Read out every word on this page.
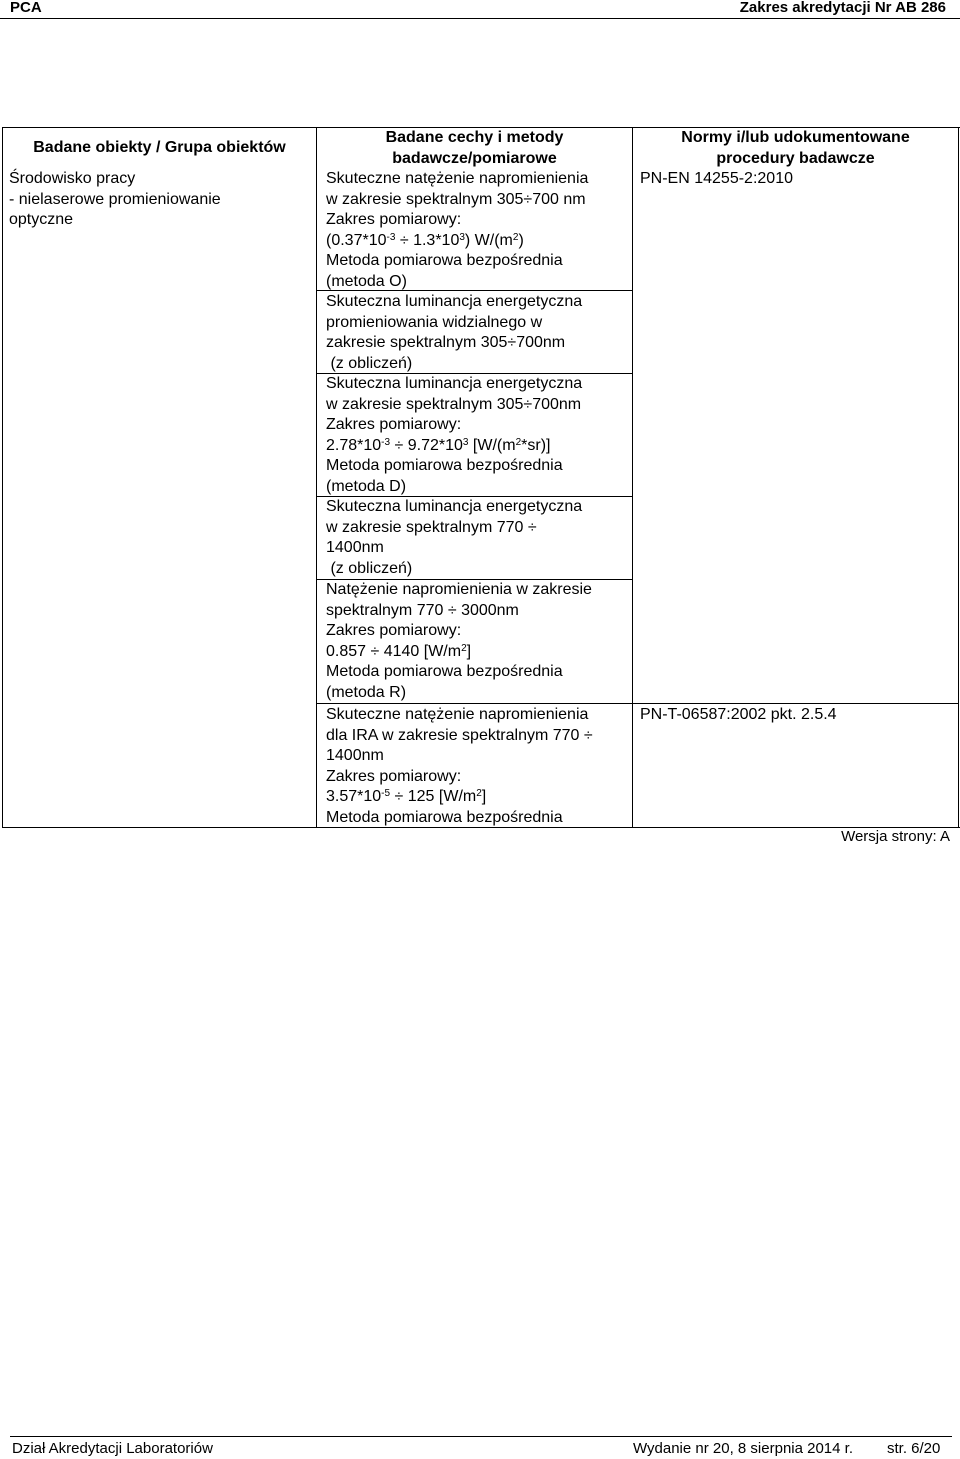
PCA	Zakres akredytacji Nr AB 286
Badane obiekty / Grupa obiektów
Badane cechy i metody
badawcze/pomiarowe
Normy i/lub udokumentowane
procedury badawcze
Środowisko pracy
- nielaserowe promieniowanie
optyczne
Skuteczne natężenie napromienienia
w zakresie spektralnym 305÷700 nm
Zakres pomiarowy:
$(0.37*10^{-3} \div 1.3*10^3)$ $W/(m^2)$
Metoda pomiarowa bezpośrednia
(metoda O)
Skuteczna luminancja energetyczna
promieniowania widzialnego w
zakresie spektralnym 305÷700nm
(z obliczeń)
Skuteczna luminancja energetyczna
w zakresie spektralnym 305÷700nm
Zakres pomiarowy:
$2.78*10^{-3} \div 9.72*10^3$ $[W/(m^2*sr)]$
Metoda pomiarowa bezpośrednia
(metoda D)
Skuteczna luminancja energetyczna
w zakresie spektralnym 770 ÷
1400nm
(z obliczeń)
Natężenie napromienienia w zakresie
spektralnym 770 ÷ 3000nm
Zakres pomiarowy:
0.857 ÷ 4140 $[W/m^2]$
Metoda pomiarowa bezpośrednia
(metoda R)
Skuteczne natężenie napromienienia
dla IRA w zakresie spektralnym 770 ÷
1400nm
Zakres pomiarowy:
$3.57*10^{-5} \div 125$ $[W/m^2]$
Metoda pomiarowa bezpośrednia
PN-EN 14255-2:2010
PN-T-06587:2002 pkt. 2.5.4
Wersja strony: A
Dział Akredytacji Laboratoriów	Wydanie nr 20, 8 sierpnia 2014 r. str. 6/20
